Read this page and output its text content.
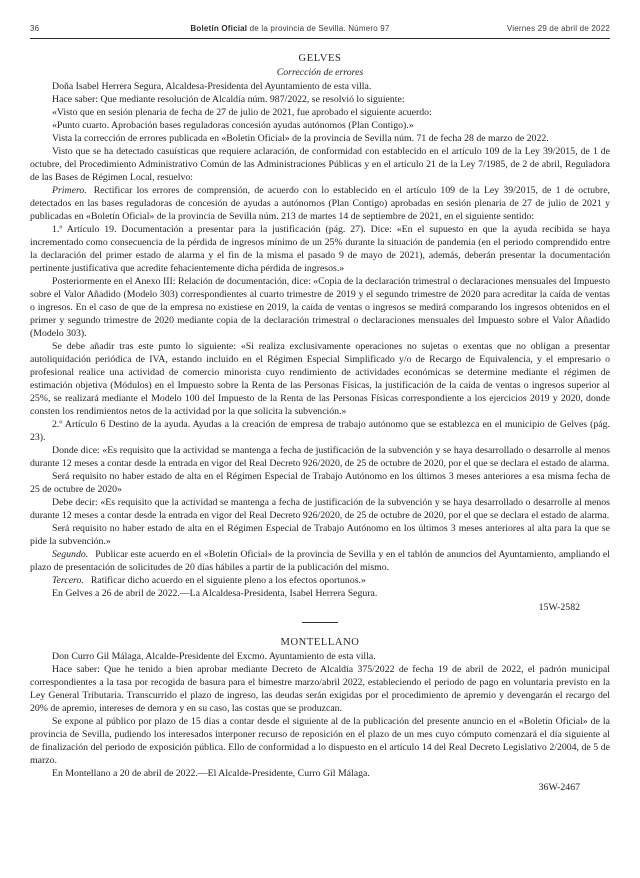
36	Boletín Oficial de la provincia de Sevilla. Número 97	Viernes 29 de abril de 2022
GELVES
Corrección de errores

Doña Isabel Herrera Segura, Alcaldesa-Presidenta del Ayuntamiento de esta villa.

Hace saber: Que mediante resolución de Alcaldía núm. 987/2022, se resolvió lo siguiente:

«Visto que en sesión plenaria de fecha de 27 de julio de 2021, fue aprobado el siguiente acuerdo:

«Punto cuarto. Aprobación bases reguladoras concesión ayudas autónomos (Plan Contigo).»

Vista la corrección de errores publicada en «Boletín Oficial» de la provincia de Sevilla núm. 71 de fecha 28 de marzo de 2022.

Visto que se ha detectado casuísticas que requiere aclaración, de conformidad con establecido en el artículo 109 de la Ley 39/2015, de 1 de octubre, del Procedimiento Administrativo Común de las Administraciones Públicas y en el artículo 21 de la Ley 7/1985, de 2 de abril, Reguladora de las Bases de Régimen Local, resuelvo:

Primero. Rectificar los errores de comprensión, de acuerdo con lo establecido en el artículo 109 de la Ley 39/2015, de 1 de octubre, detectados en las bases reguladoras de concesión de ayudas a autónomos (Plan Contigo) aprobadas en sesión plenaria de 27 de julio de 2021 y publicadas en «Boletín Oficial» de la provincia de Sevilla núm. 213 de martes 14 de septiembre de 2021, en el siguiente sentido:

1.º Artículo 19. Documentación a presentar para la justificación (pág. 27). Dice: «En el supuesto en que la ayuda recibida se haya incrementado como consecuencia de la pérdida de ingresos mínimo de un 25% durante la situación de pandemia (en el periodo comprendido entre la declaración del primer estado de alarma y el fin de la misma el pasado 9 de mayo de 2021), además, deberán presentar la documentación pertinente justificativa que acredite fehacientemente dicha pérdida de ingresos.»

Posteriormente en el Anexo III: Relación de documentación, dice: «Copia de la declaración trimestral o declaraciones mensuales del Impuesto sobre el Valor Añadido (Modelo 303) correspondientes al cuarto trimestre de 2019 y el segundo trimestre de 2020 para acreditar la caída de ventas o ingresos. En el caso de que de la empresa no existiese en 2019, la caída de ventas o ingresos se medirá comparando los ingresos obtenidos en el primer y segundo trimestre de 2020 mediante copia de la declaración trimestral o declaraciones mensuales del Impuesto sobre el Valor Añadido (Modelo 303).

Se debe añadir tras este punto lo siguiente: «Si realiza exclusivamente operaciones no sujetas o exentas que no obligan a presentar autoliquidación periódica de IVA, estando incluido en el Régimen Especial Simplificado y/o de Recargo de Equivalencia, y el empresario o profesional realice una actividad de comercio minorista cuyo rendimiento de actividades económicas se determine mediante el régimen de estimación objetiva (Módulos) en el Impuesto sobre la Renta de las Personas Físicas, la justificación de la caída de ventas o ingresos superior al 25%, se realizará mediante el Modelo 100 del Impuesto de la Renta de las Personas Físicas correspondiente a los ejercicios 2019 y 2020, donde consten los rendimientos netos de la actividad por la que solicita la subvención.»

2.º Artículo 6 Destino de la ayuda. Ayudas a la creación de empresa de trabajo autónomo que se establezca en el municipio de Gelves (pág. 23).

Donde dice: «Es requisito que la actividad se mantenga a fecha de justificación de la subvención y se haya desarrollado o desarrolle al menos durante 12 meses a contar desde la entrada en vigor del Real Decreto 926/2020, de 25 de octubre de 2020, por el que se declara el estado de alarma.

Será requisito no haber estado de alta en el Régimen Especial de Trabajo Autónomo en los últimos 3 meses anteriores a esa misma fecha de 25 de octubre de 2020»

Debe decir: «Es requisito que la actividad se mantenga a fecha de justificación de la subvención y se haya desarrollado o desarrolle al menos durante 12 meses a contar desde la entrada en vigor del Real Decreto 926/2020, de 25 de octubre de 2020, por el que se declara el estado de alarma.

Será requisito no haber estado de alta en el Régimen Especial de Trabajo Autónomo en los últimos 3 meses anteriores al alta para la que se pide la subvención.»

Segundo. Publicar este acuerdo en el «Boletín Oficial» de la provincia de Sevilla y en el tablón de anuncios del Ayuntamiento, ampliando el plazo de presentación de solicitudes de 20 días hábiles a partir de la publicación del mismo.

Tercero. Ratificar dicho acuerdo en el siguiente pleno a los efectos oportunos.»

En Gelves a 26 de abril de 2022.—La Alcaldesa-Presidenta, Isabel Herrera Segura.

15W-2582
MONTELLANO

Don Curro Gil Málaga, Alcalde-Presidente del Excmo. Ayuntamiento de esta villa.

Hace saber: Que he tenido a bien aprobar mediante Decreto de Alcaldía 375/2022 de fecha 19 de abril de 2022, el padrón municipal correspondientes a la tasa por recogida de basura para el bimestre marzo/abril 2022, estableciendo el periodo de pago en voluntaria previsto en la Ley General Tributaria. Transcurrido el plazo de ingreso, las deudas serán exigidas por el procedimiento de apremio y devengarán el recargo del 20% de apremio, intereses de demora y en su caso, las costas que se produzcan.

Se expone al público por plazo de 15 días a contar desde el siguiente al de la publicación del presente anuncio en el «Boletín Oficial» de la provincia de Sevilla, pudiendo los interesados interponer recurso de reposición en el plazo de un mes cuyo cómputo comenzará el día siguiente al de finalización del periodo de exposición pública. Ello de conformidad a lo dispuesto en el artículo 14 del Real Decreto Legislativo 2/2004, de 5 de marzo.

En Montellano a 20 de abril de 2022.—El Alcalde-Presidente, Curro Gil Málaga.

36W-2467
